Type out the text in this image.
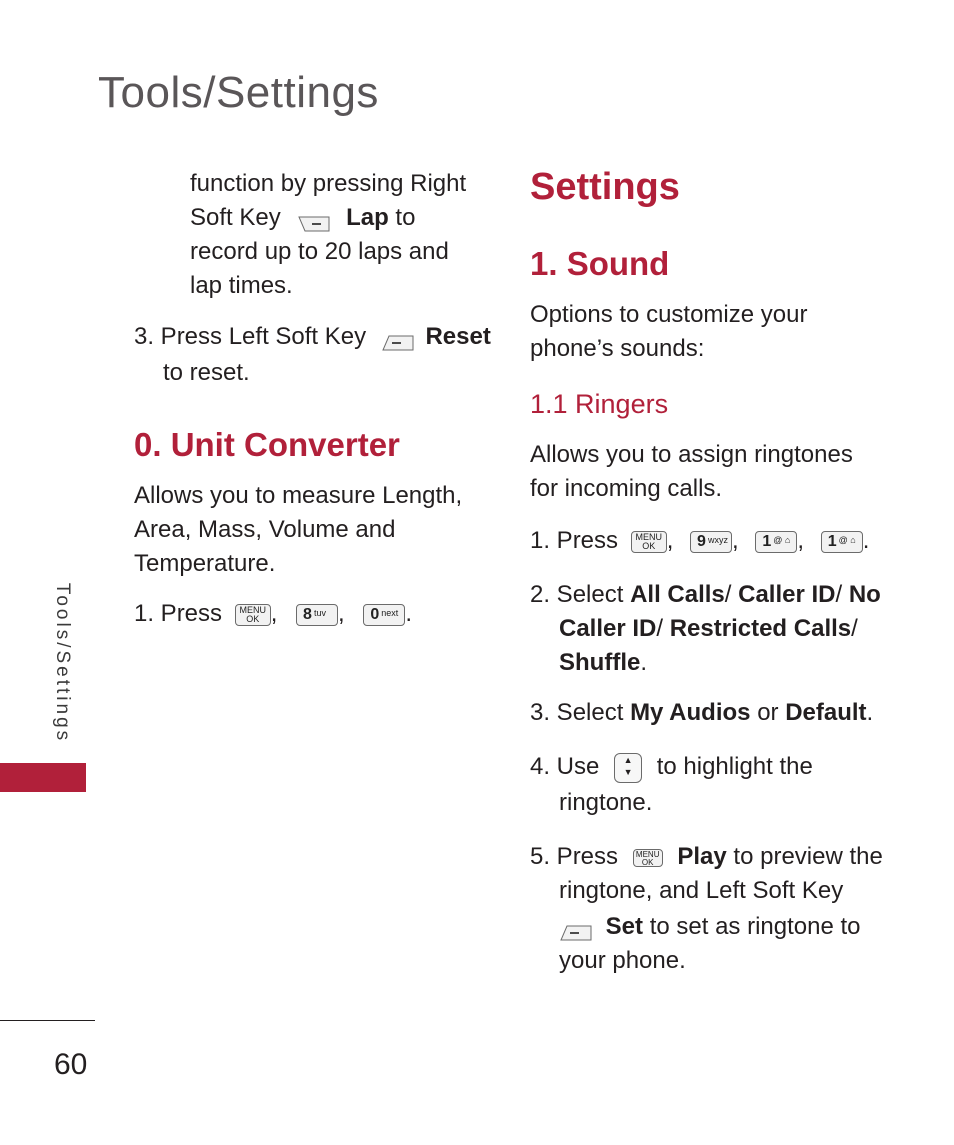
Tools/Settings
Tools/Settings
60
function by pressing Right
Soft Key	Lap to
record up to 20 laps and
lap times.
3. Press Left Soft Key Reset
to reset.
0. Unit Converter
Allows you to measure Length,
Area, Mass, Volume and
Temperature.
1. Press	MENU
OK , 8 tuv , 0 next .
Settings
1. Sound
Options to customize your
phone’s sounds:
1.1 Ringers
Allows you to assign ringtones
for incoming calls.
1. Press	MENU
OK , 9 wxyz , 1 @ ⌂ , 1 @ ⌂ .
2. Select All Calls/ Caller ID/ No
Caller ID/ Restricted Calls/
Shuffle.
3. Select My Audios or Default.
4. Use	▲
▼ to highlight the
ringtone.
5. Press MENU
OK Play to preview the
ringtone, and Left Soft Key
Set to set as ringtone to
your phone.
